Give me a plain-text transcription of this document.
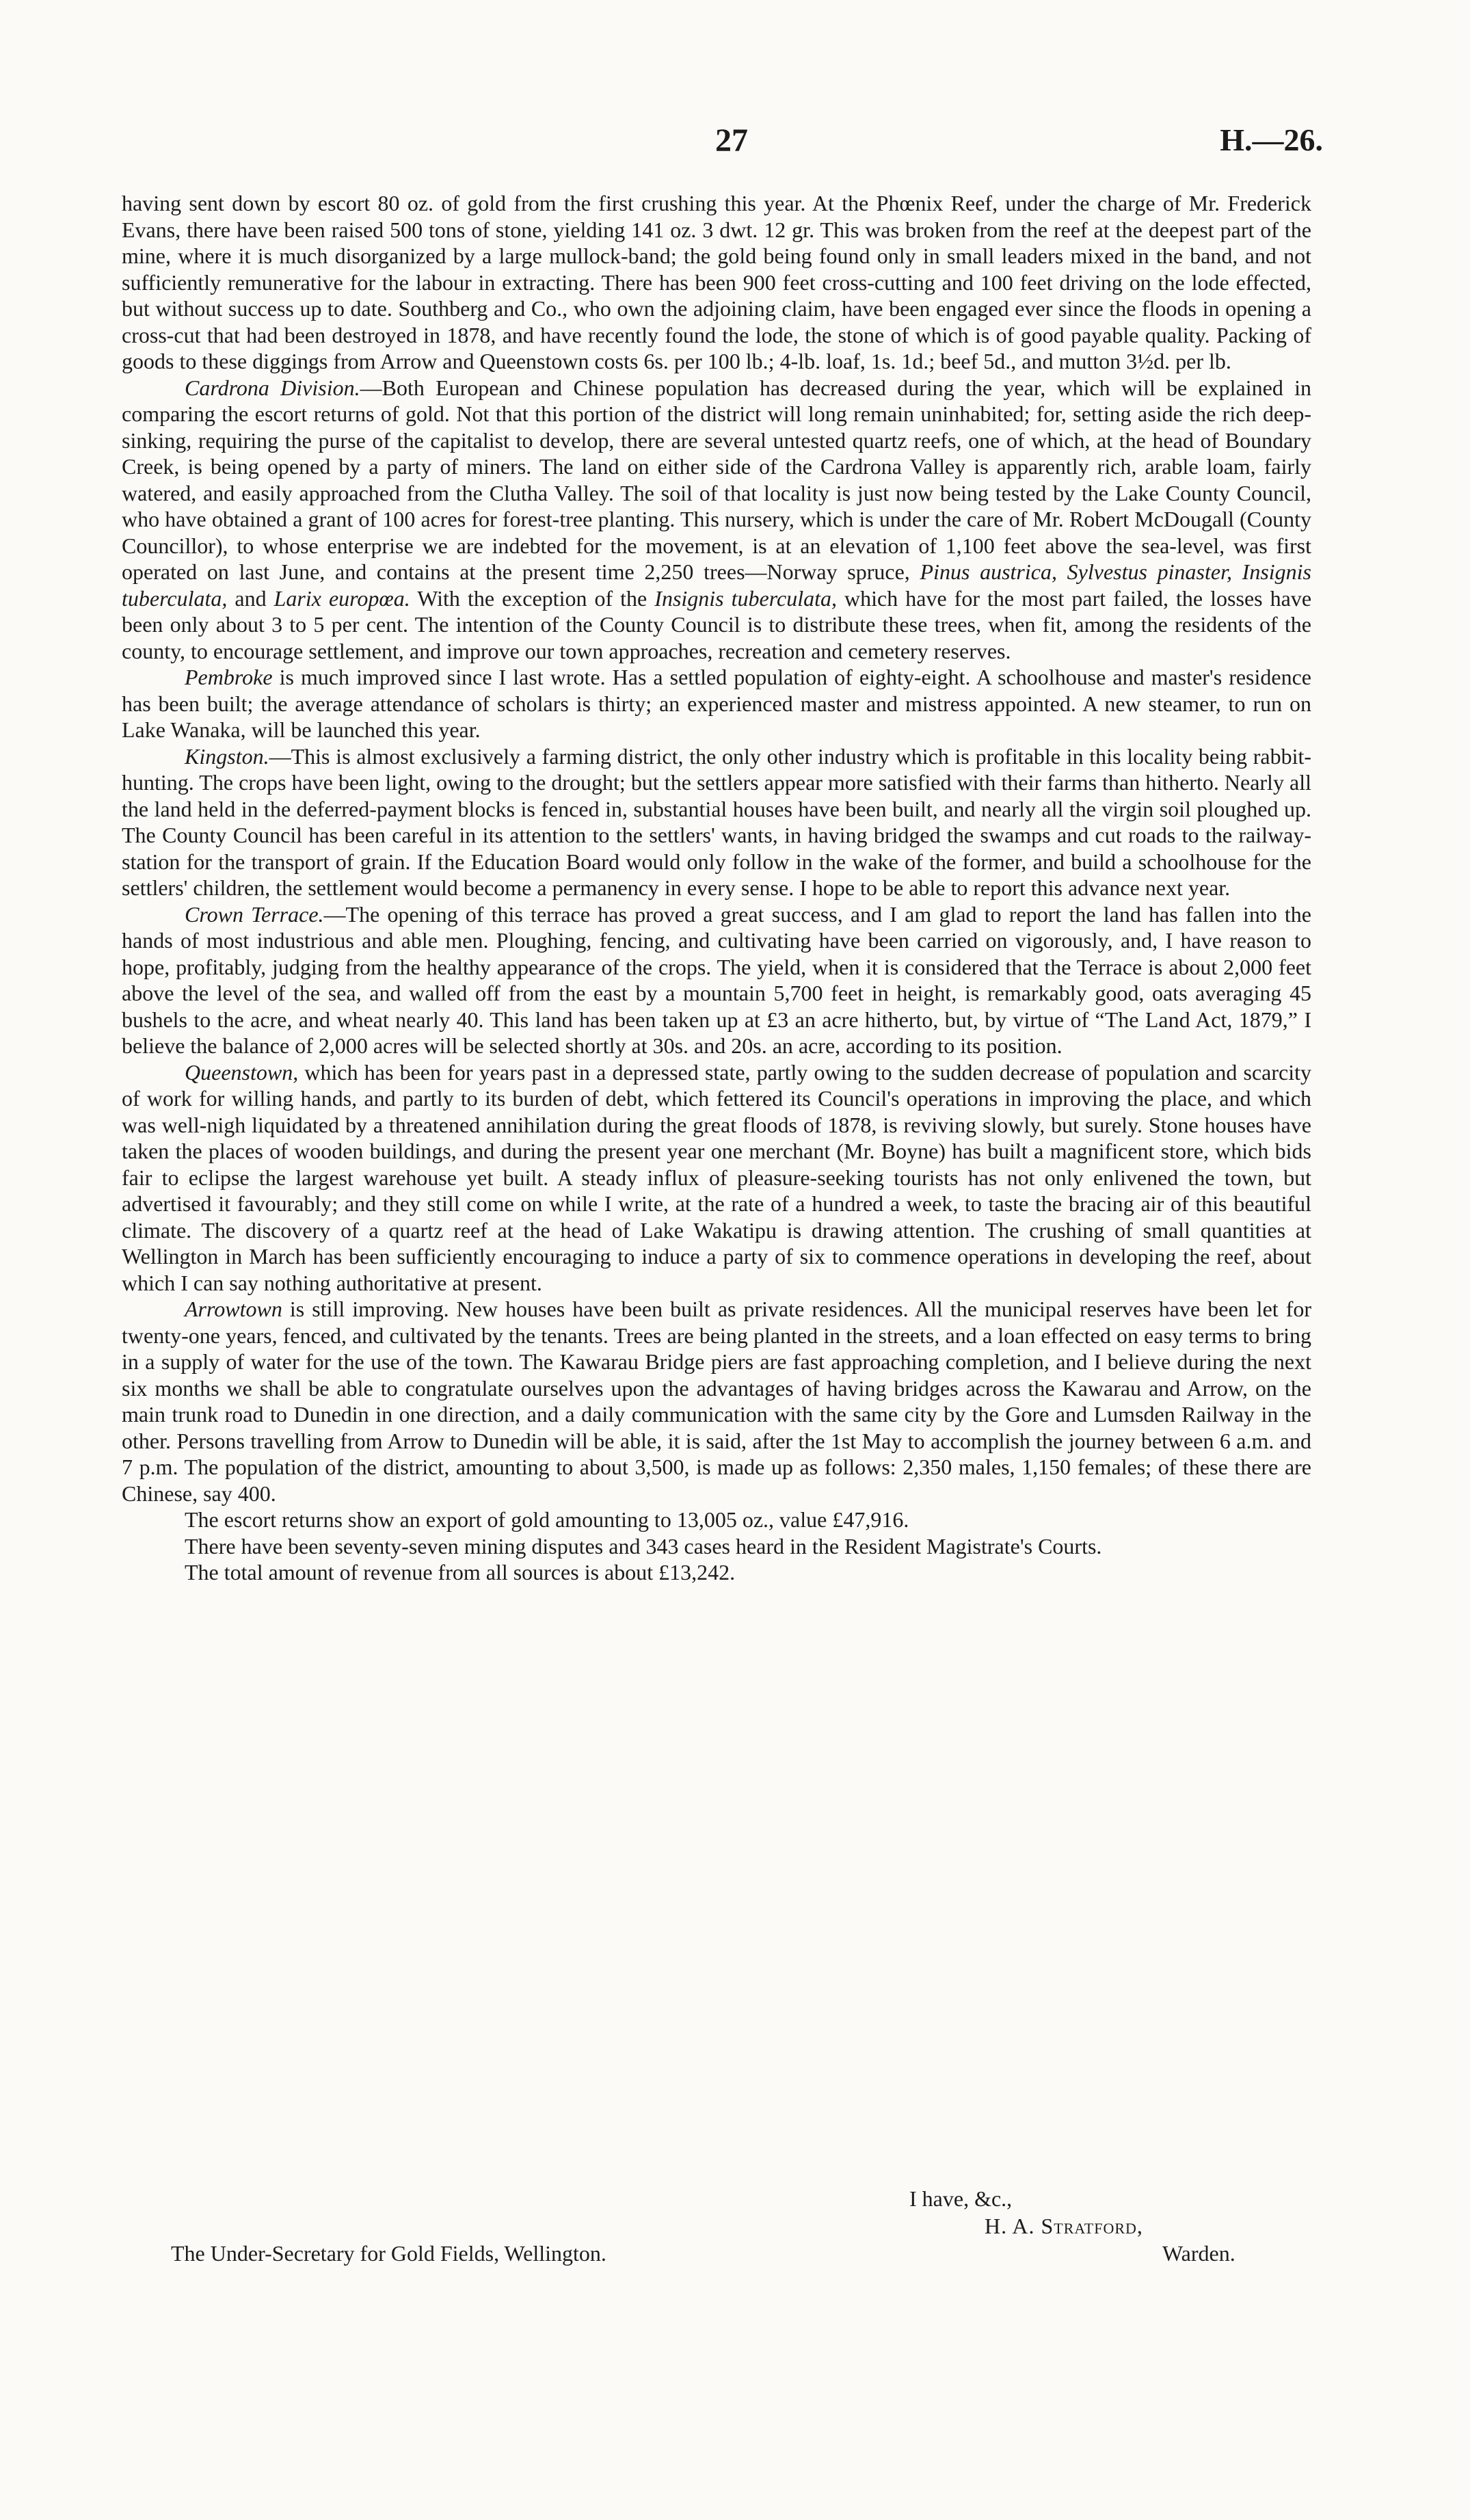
27	H.—26.

having sent down by escort 80 oz. of gold from the first crushing this year. At the Phœnix Reef, under the charge of Mr. Frederick Evans, there have been raised 500 tons of stone, yielding 141 oz. 3 dwt. 12 gr. This was broken from the reef at the deepest part of the mine, where it is much disorganized by a large mullock-band; the gold being found only in small leaders mixed in the band, and not sufficiently remunerative for the labour in extracting. There has been 900 feet cross-cutting and 100 feet driving on the lode effected, but without success up to date. Southberg and Co., who own the adjoining claim, have been engaged ever since the floods in opening a cross-cut that had been destroyed in 1878, and have recently found the lode, the stone of which is of good payable quality. Packing of goods to these diggings from Arrow and Queenstown costs 6s. per 100 lb.; 4-lb. loaf, 1s. 1d.; beef 5d., and mutton 3½d. per lb.

Cardrona Division.—Both European and Chinese population has decreased during the year, which will be explained in comparing the escort returns of gold. Not that this portion of the district will long remain uninhabited; for, setting aside the rich deep-sinking, requiring the purse of the capitalist to develop, there are several untested quartz reefs, one of which, at the head of Boundary Creek, is being opened by a party of miners. The land on either side of the Cardrona Valley is apparently rich, arable loam, fairly watered, and easily approached from the Clutha Valley. The soil of that locality is just now being tested by the Lake County Council, who have obtained a grant of 100 acres for forest-tree planting. This nursery, which is under the care of Mr. Robert McDougall (County Councillor), to whose enterprise we are indebted for the movement, is at an elevation of 1,100 feet above the sea-level, was first operated on last June, and contains at the present time 2,250 trees—Norway spruce, Pinus austrica, Sylvestus pinaster, Insignis tuberculata, and Larix europœa. With the exception of the Insignis tuberculata, which have for the most part failed, the losses have been only about 3 to 5 per cent. The intention of the County Council is to distribute these trees, when fit, among the residents of the county, to encourage settlement, and improve our town approaches, recreation and cemetery reserves.

Pembroke is much improved since I last wrote. Has a settled population of eighty-eight. A schoolhouse and master's residence has been built; the average attendance of scholars is thirty; an experienced master and mistress appointed. A new steamer, to run on Lake Wanaka, will be launched this year.

Kingston.—This is almost exclusively a farming district, the only other industry which is profitable in this locality being rabbit-hunting. The crops have been light, owing to the drought; but the settlers appear more satisfied with their farms than hitherto. Nearly all the land held in the deferred-payment blocks is fenced in, substantial houses have been built, and nearly all the virgin soil ploughed up. The County Council has been careful in its attention to the settlers' wants, in having bridged the swamps and cut roads to the railway-station for the transport of grain. If the Education Board would only follow in the wake of the former, and build a schoolhouse for the settlers' children, the settlement would become a permanency in every sense. I hope to be able to report this advance next year.

Crown Terrace.—The opening of this terrace has proved a great success, and I am glad to report the land has fallen into the hands of most industrious and able men. Ploughing, fencing, and cultivating have been carried on vigorously, and, I have reason to hope, profitably, judging from the healthy appearance of the crops. The yield, when it is considered that the Terrace is about 2,000 feet above the level of the sea, and walled off from the east by a mountain 5,700 feet in height, is remarkably good, oats averaging 45 bushels to the acre, and wheat nearly 40. This land has been taken up at £3 an acre hitherto, but, by virtue of “The Land Act, 1879,” I believe the balance of 2,000 acres will be selected shortly at 30s. and 20s. an acre, according to its position.

Queenstown, which has been for years past in a depressed state, partly owing to the sudden decrease of population and scarcity of work for willing hands, and partly to its burden of debt, which fettered its Council's operations in improving the place, and which was well-nigh liquidated by a threatened annihilation during the great floods of 1878, is reviving slowly, but surely. Stone houses have taken the places of wooden buildings, and during the present year one merchant (Mr. Boyne) has built a magnificent store, which bids fair to eclipse the largest warehouse yet built. A steady influx of pleasure-seeking tourists has not only enlivened the town, but advertised it favourably; and they still come on while I write, at the rate of a hundred a week, to taste the bracing air of this beautiful climate. The discovery of a quartz reef at the head of Lake Wakatipu is drawing attention. The crushing of small quantities at Wellington in March has been sufficiently encouraging to induce a party of six to commence operations in developing the reef, about which I can say nothing authoritative at present.

Arrowtown is still improving. New houses have been built as private residences. All the municipal reserves have been let for twenty-one years, fenced, and cultivated by the tenants. Trees are being planted in the streets, and a loan effected on easy terms to bring in a supply of water for the use of the town. The Kawarau Bridge piers are fast approaching completion, and I believe during the next six months we shall be able to congratulate ourselves upon the advantages of having bridges across the Kawarau and Arrow, on the main trunk road to Dunedin in one direction, and a daily communication with the same city by the Gore and Lumsden Railway in the other. Persons travelling from Arrow to Dunedin will be able, it is said, after the 1st May to accomplish the journey between 6 a.m. and 7 p.m. The population of the district, amounting to about 3,500, is made up as follows: 2,350 males, 1,150 females; of these there are Chinese, say 400.

The escort returns show an export of gold amounting to 13,005 oz., value £47,916.

There have been seventy-seven mining disputes and 343 cases heard in the Resident Magistrate's Courts.

The total amount of revenue from all sources is about £13,242.

I have, &c.,
H. A. Stratford,
The Under-Secretary for Gold Fields, Wellington.	Warden.
